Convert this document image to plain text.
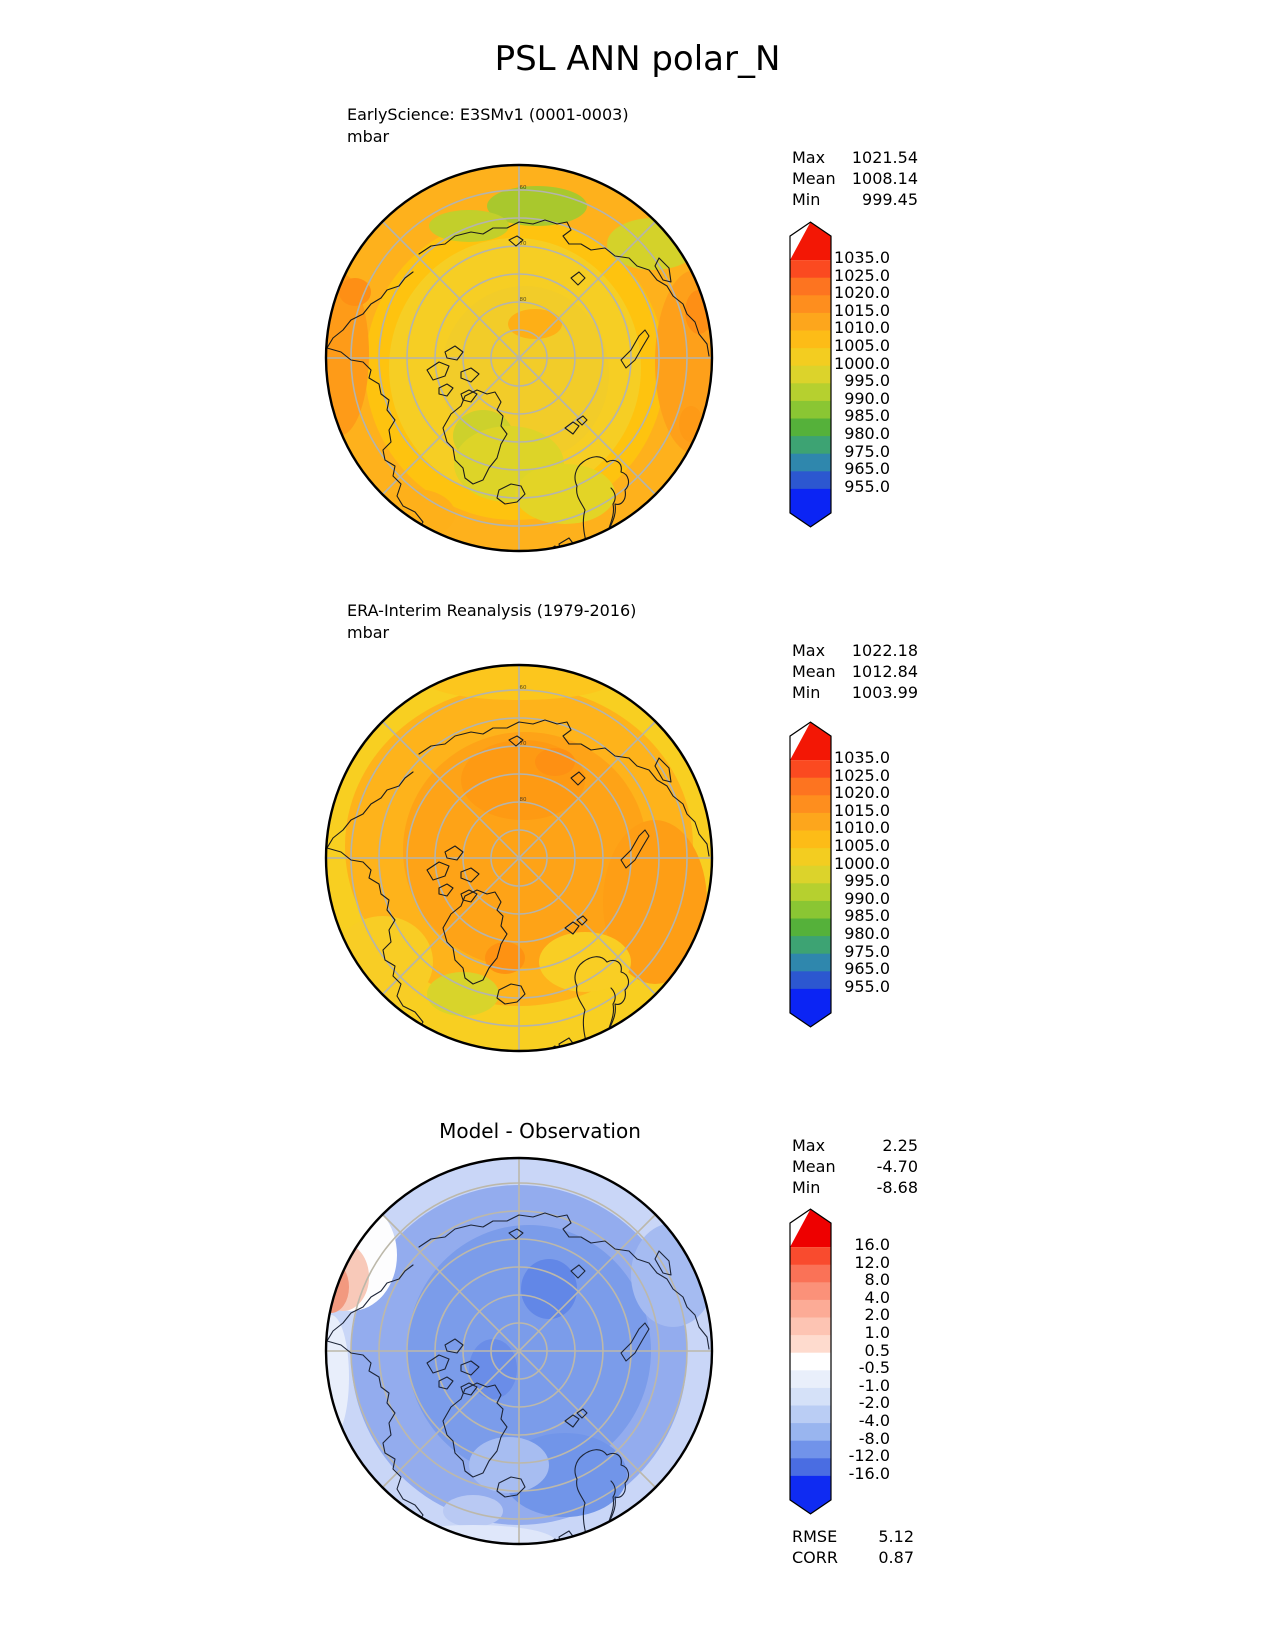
PSL ANN polar_N
EarlyScience: E3SMv1 (0001-0003)
mbar
Max 1021.54
Mean 1008.14
Min	999.45
1035.0
1025.0
1020.0
1015.0
1010.0
1005.0
1000.0
995.0
990.0
985.0
980.0
975.0
965.0
955.0
ERA-Interim Reanalysis (1979-2016)
mbar
Max 1022.18
Mean 1012.84
Min 1003.99
1035.0
1025.0
1020.0
1015.0
1010.0
1005.0
1000.0
995.0
990.0
985.0
980.0
975.0
965.0
955.0
Model - Observation
Max	2.25
Mean	-4.70
Min	-8.68
16.0
12.0
8.0
4.0
2.0
1.0
0.5
-0.5
-1.0
-2.0
-4.0
-8.0
-12.0
-16.0
RMSE	5.12
CORR	0.87
